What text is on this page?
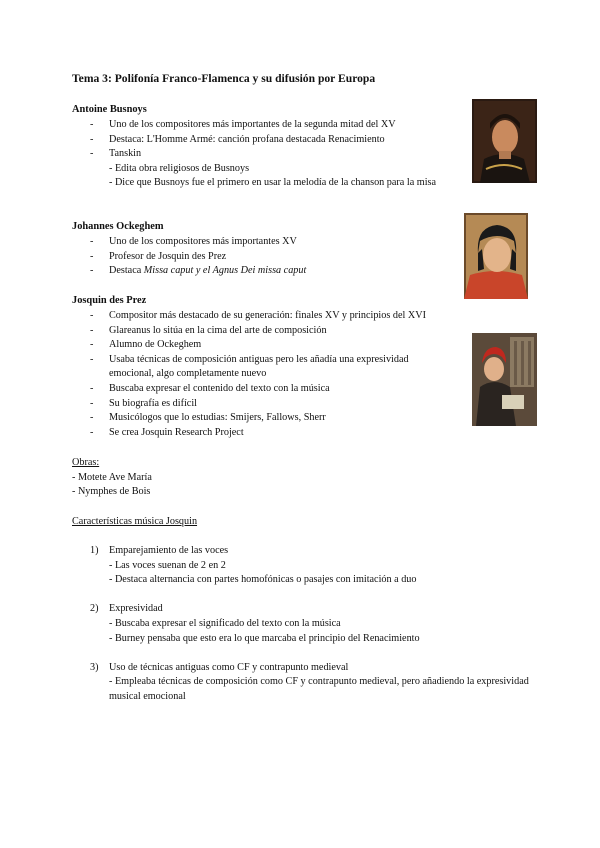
Tema 3: Polifonía Franco-Flamenca y su difusión por Europa
Antoine Busnoys
- Uno de los compositores más importantes de la segunda mitad del XV
- Destaca: L'Homme Armé: canción profana destacada Renacimiento
- Tanskin
- Edita obra religiosos de Busnoys
- Dice que Busnoys fue el primero en usar la melodía de la chanson para la misa
Johannes Ockeghem
- Uno de los compositores más importantes XV
- Profesor de Josquin des Prez
- Destaca Missa caput y el Agnus Dei missa caput
Josquin des Prez
- Compositor más destacado de su generación: finales XV y principios del XVI
- Glareanus lo sitúa en la cima del arte de composición
- Alumno de Ockeghem
- Usaba técnicas de composición antiguas pero les añadía una expresividad emocional, algo completamente nuevo
- Buscaba expresar el contenido del texto con la música
- Su biografía es difícil
- Musicólogos que lo estudias: Smijers, Fallows, Sherr
- Se crea Josquin Research Project
Obras:
- Motete Ave María
- Nymphes de Bois
Características música Josquin
1) Emparejamiento de las voces
- Las voces suenan de 2 en 2
- Destaca alternancia con partes homofónicas o pasajes con imitación a duo
2) Expresividad
- Buscaba expresar el significado del texto con la música
- Burney pensaba que esto era lo que marcaba el principio del Renacimiento
3) Uso de técnicas antiguas como CF y contrapunto medieval
- Empleaba técnicas de composición como CF y contrapunto medieval, pero añadiendo la expresividad musical emocional
